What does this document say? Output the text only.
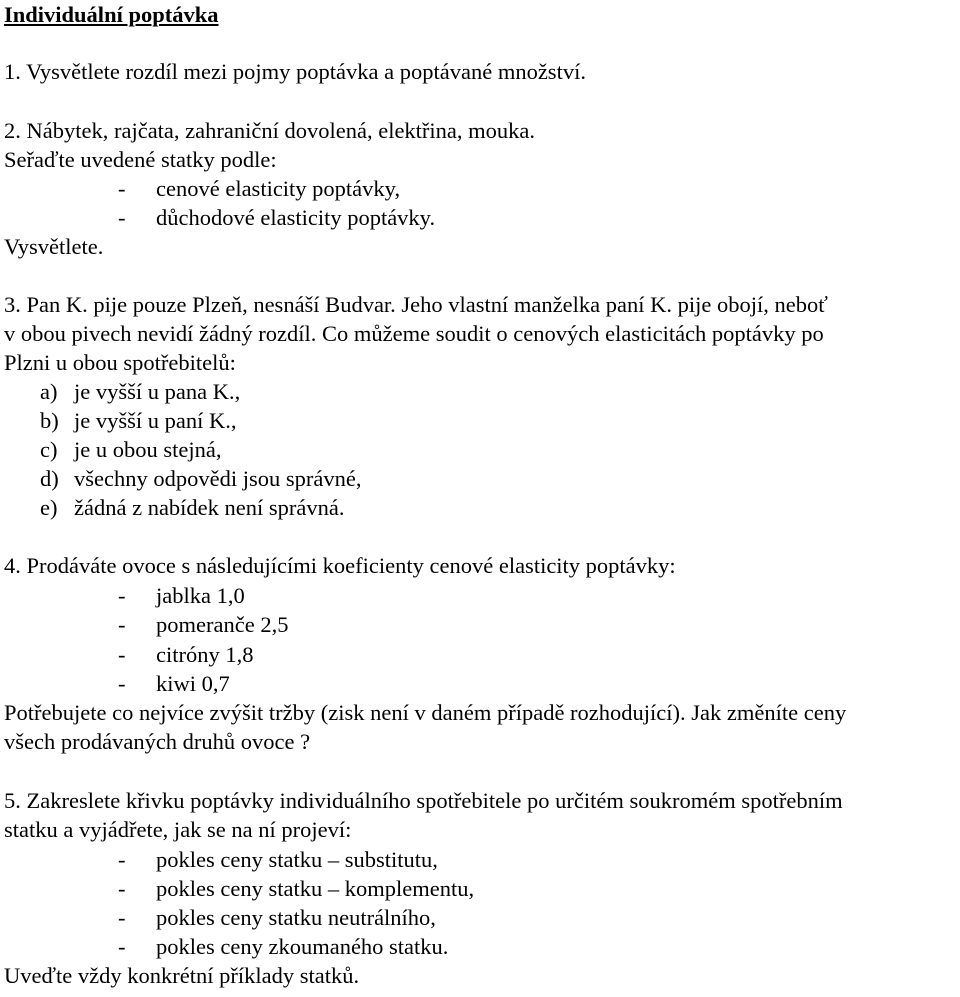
Individuální poptávka
1. Vysvětlete rozdíl mezi pojmy poptávka a poptávané množství.
2. Nábytek, rajčata, zahraniční dovolená, elektřina, mouka.
Seřaďte uvedené statky podle:
- cenové elasticity poptávky,
- důchodové elasticity poptávky.
Vysvětlete.
3. Pan K. pije pouze Plzeň, nesnáší Budvar. Jeho vlastní manželka paní K. pije obojí, neboť
v obou pivech nevidí žádný rozdíl. Co můžeme soudit o cenových elasticitách poptávky po
Plzni u obou spotřebitelů:
a) je vyšší u pana K.,
b) je vyšší u paní K.,
c) je u obou stejná,
d) všechny odpovědi jsou správné,
e) žádná z nabídek není správná.
4. Prodáváte ovoce s následujícími koeficienty cenové elasticity poptávky:
- jablka 1,0
- pomeranče 2,5
- citróny 1,8
- kiwi 0,7
Potřebujete co nejvíce zvýšit tržby (zisk není v daném případě rozhodující). Jak změníte ceny
všech prodávaných druhů ovoce ?
5. Zakreslete křivku poptávky individuálního spotřebitele po určitém soukromém spotřebním
statku a vyjádřete, jak se na ní projeví:
- pokles ceny statku – substitutu,
- pokles ceny statku – komplementu,
- pokles ceny statku neutrálního,
- pokles ceny zkoumaného statku.
Uveďte vždy konkrétní příklady statků.
